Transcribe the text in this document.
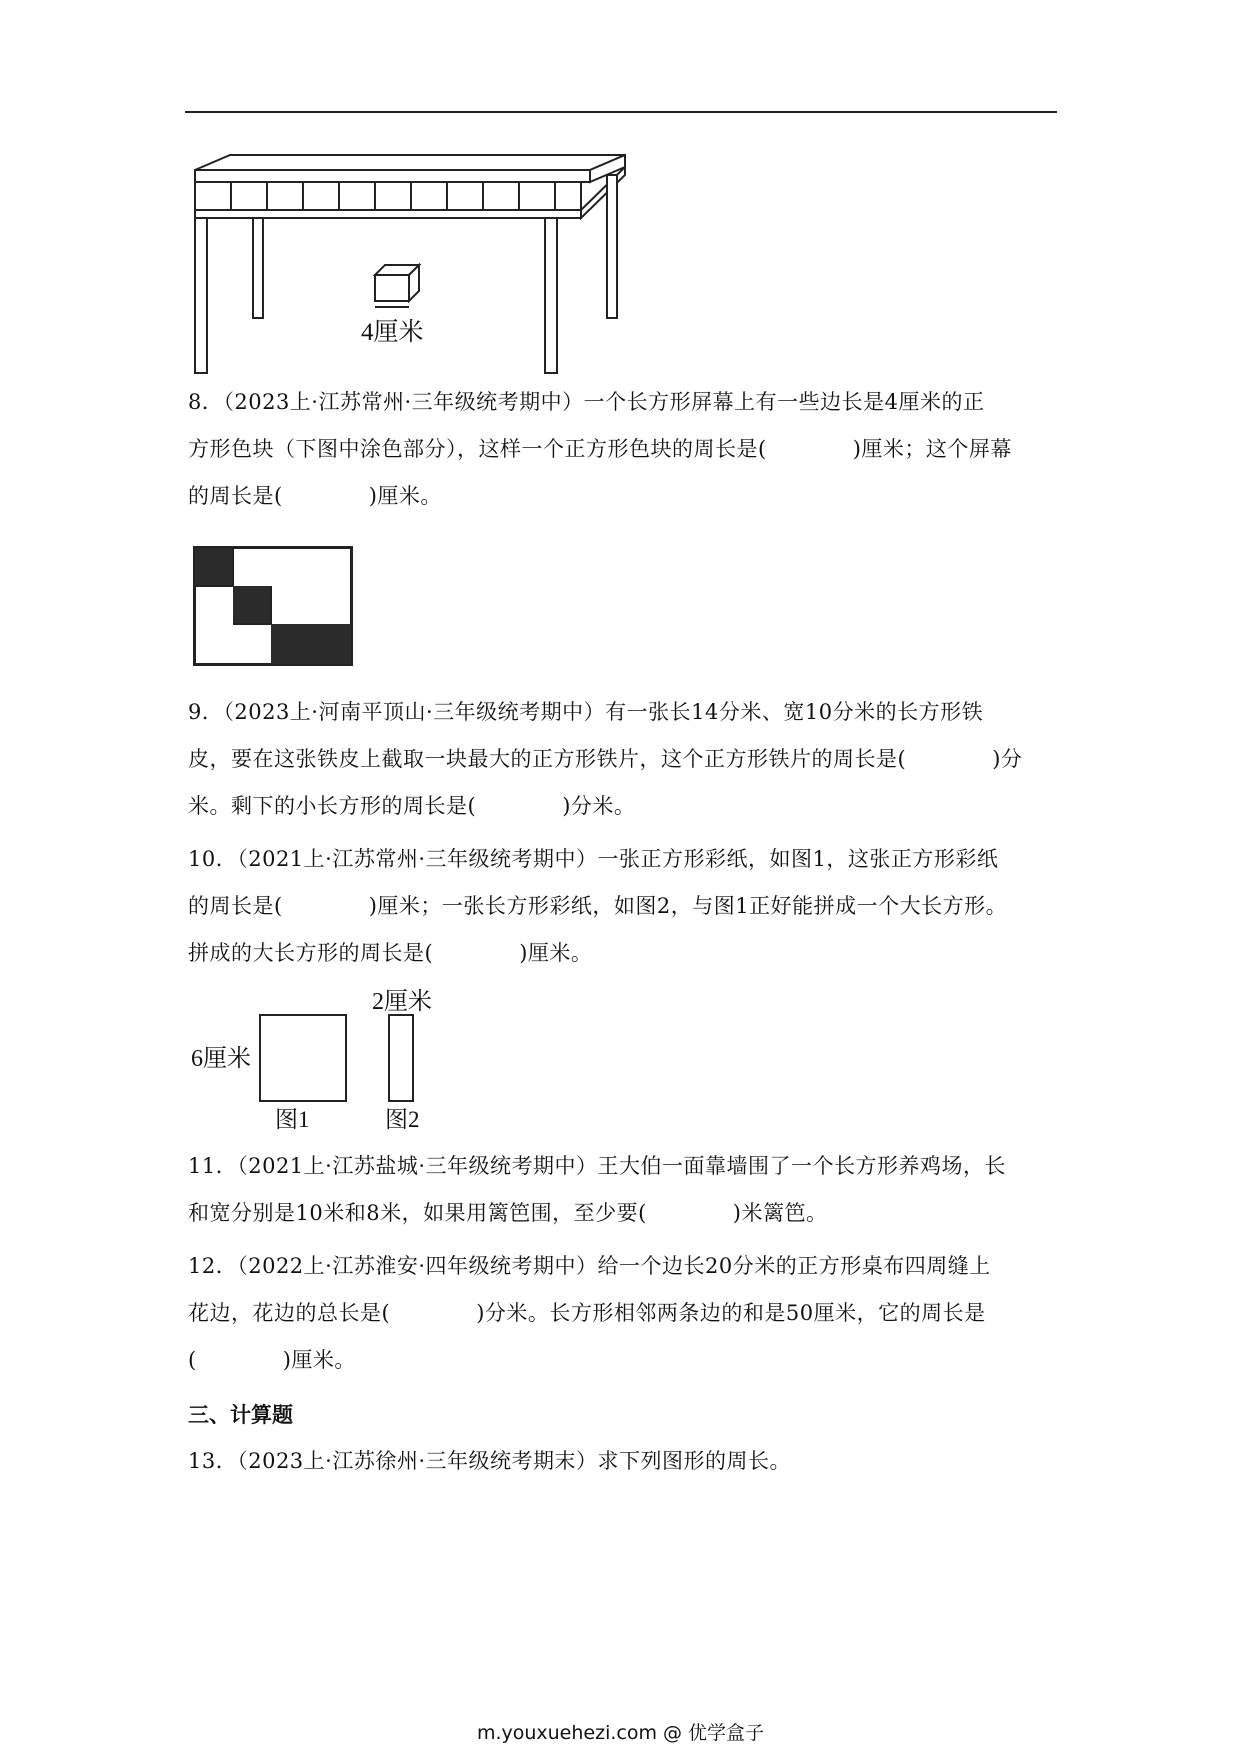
4厘米
8．（2023上·江苏常州·三年级统考期中）一个长方形屏幕上有一些边长是4厘米的正
方形色块（下图中涂色部分），这样一个正方形色块的周长是(　　　　)厘米；这个屏幕
的周长是(　　　　)厘米。
9．（2023上·河南平顶山·三年级统考期中）有一张长14分米、宽10分米的长方形铁
皮，要在这张铁皮上截取一块最大的正方形铁片，这个正方形铁片的周长是(　　　　)分
米。剩下的小长方形的周长是(　　　　)分米。
10．（2021上·江苏常州·三年级统考期中）一张正方形彩纸，如图1，这张正方形彩纸
的周长是(　　　　)厘米；一张长方形彩纸，如图2，与图1正好能拼成一个大长方形。
拼成的大长方形的周长是(　　　　)厘米。
6厘米
2厘米
图1	图2
11．（2021上·江苏盐城·三年级统考期中）王大伯一面靠墙围了一个长方形养鸡场，长
和宽分别是10米和8米，如果用篱笆围，至少要(　　　　)米篱笆。
12．（2022上·江苏淮安·四年级统考期中）给一个边长20分米的正方形桌布四周缝上
花边，花边的总长是(　　　　)分米。长方形相邻两条边的和是50厘米，它的周长是
(　　　　)厘米。
三、计算题
13．（2023上·江苏徐州·三年级统考期末）求下列图形的周长。
m.youxuehezi.com @ 优学盒子
